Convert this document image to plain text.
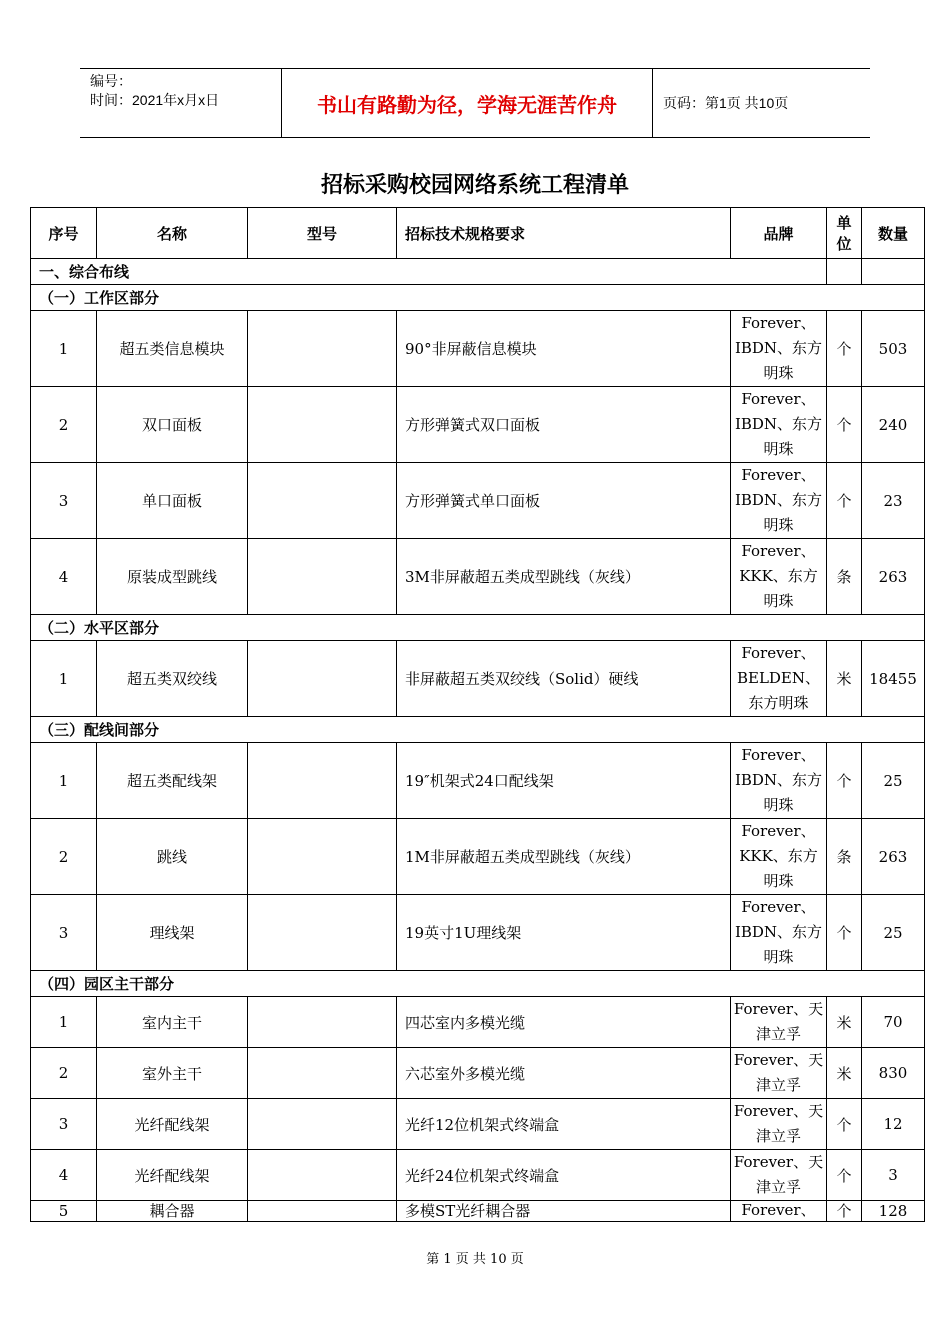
编号：
时间：2021年x月x日	书山有路勤为径，学海无涯苦作舟	页码：第1页 共10页
招标采购校园网络系统工程清单
序号	名称	型号	招标技术规格要求	品牌	单位	数量
一、综合布线						
（一）工作区部分						
1	超五类信息模块		90°非屏蔽信息模块	Forever、IBDN、东方明珠	个	503
2	双口面板		方形弹簧式双口面板	Forever、IBDN、东方明珠	个	240
3	单口面板		方形弹簧式单口面板	Forever、IBDN、东方明珠	个	23
4	原装成型跳线		3M非屏蔽超五类成型跳线（灰线）	Forever、KKK、东方明珠	条	263
（二）水平区部分						
1	超五类双绞线		非屏蔽超五类双绞线（Solid）硬线	Forever、BELDEN、东方明珠	米	18455
（三）配线间部分						
1	超五类配线架		19″机架式24口配线架	Forever、IBDN、东方明珠	个	25
2	跳线		1M非屏蔽超五类成型跳线（灰线）	Forever、KKK、东方明珠	条	263
3	理线架		19英寸1U理线架	Forever、IBDN、东方明珠	个	25
（四）园区主干部分						
1	室内主干		四芯室内多模光缆	Forever、天津立孚	米	70
2	室外主干		六芯室外多模光缆	Forever、天津立孚	米	830
3	光纤配线架		光纤12位机架式终端盒	Forever、天津立孚	个	12
4	光纤配线架		光纤24位机架式终端盒	Forever、天津立孚	个	3
5	耦合器		多模ST光纤耦合器	Forever、	个	128
第 1 页 共 10 页
